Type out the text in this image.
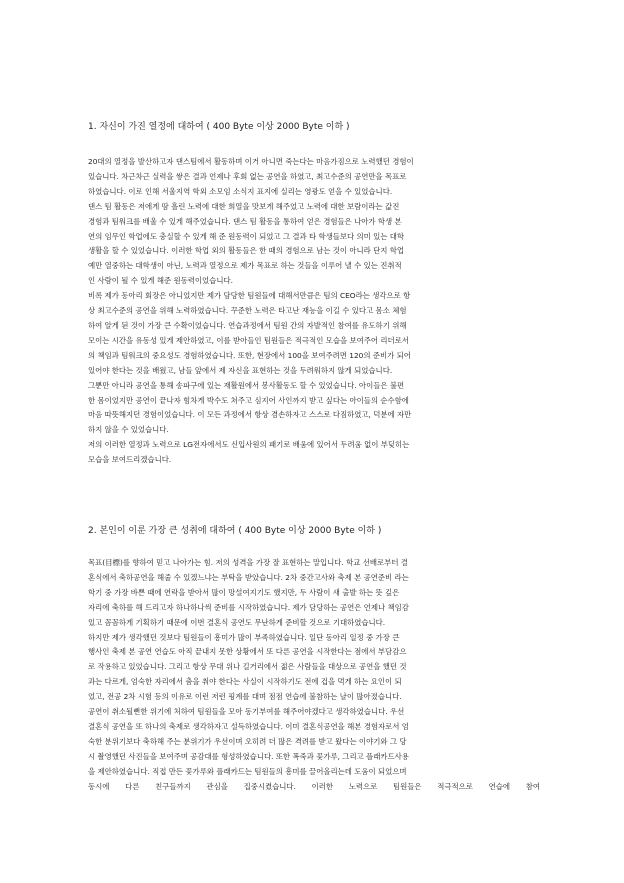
1. 자신이 가진 열정에 대하여 ( 400 Byte 이상 2000 Byte 이하 )
20대의 열정을 발산하고자 댄스팀에서 활동하며 이거 아니면 죽는다는 마음가짐으로 노력했던 경험이
있습니다. 차근차근 실력을 쌓은 결과 언제나 후회 없는 공연을 하였고, 최고수준의 공연만을 목표로
하였습니다. 이로 인해 서울지역 학외 소모임 소식지 표지에 실리는 영광도 얻을 수 있었습니다.
댄스 팀 활동은 저에게 땀 흘린 노력에 대한 희열을 맛보게 해주었고 노력에 대한 보람이라는 값진
경험과 팀워크를 배울 수 있게 해주었습니다. 댄스 팀 활동을 통하여 얻은 경험들은 나아가 학생 본
연의 임무인 학업에도 충실할 수 있게 해 준 원동력이 되었고 그 결과 타 학생들보다 의미 있는 대학
생활을 할 수 있었습니다. 이러한 학업 외의 활동들은 한 때의 경험으로 남는 것이 아니라 단지 학업
예만 열중하는 대학생이 아닌, 노력과 열정으로 제가 목표로 하는 것들을 이루어 낼 수 있는 진취적
인 사람이 될 수 있게 해준 원동력이었습니다.
비록 제가 동아리 회장은 아니었지만 제가 담당한 팀원들에 대해서만큼은 팀의 CEO라는 생각으로 항
상 최고수준의 공연을 위해 노력하였습니다. 꾸준한 노력은 타고난 재능을 이길 수 있다고 몸소 체험
하여 알게 된 것이 가장 큰 수확이었습니다. 연습과정에서 팀원 간의 자발적인 참여를 유도하기 위해
모이는 시간을 유동성 있게 제안하였고, 이를 받아들인 팀원들은 적극적인 모습을 보여주어 리더로서
의 책임과 팀워크의 중요성도 경험하였습니다. 또한, 현장에서 100을 보여주려면 120의 준비가 되어
있어야 한다는 것을 배웠고, 남들 앞에서 제 자신을 표현하는 것을 두려워하지 않게 되었습니다.
그뿐만 아니라 공연을 통해 송파구에 있는 재활원에서 봉사활동도 할 수 있었습니다. 아이들은 불편
한 몸이었지만 공연이 끝나자 힘차게 박수도 쳐주고 심지어 사인까지 받고 싶다는 아이들의 순수함에
마음 따뜻해지던 경험이었습니다. 이 모든 과정에서 항상 겸손하자고 스스로 다짐하였고, 덕분에 자만
하지 않을 수 있었습니다.
저의 이러한 열정과 노력으로 LG전자에서도 신입사원의 패기로 배움에 있어서 두려움 없이 부딪히는
모습을 보여드리겠습니다.
2. 본인이 이룬 가장 큰 성취에 대하여 ( 400 Byte 이상 2000 Byte 이하 )
목표(目標)를 향하여 믿고 나아가는 힘. 저의 성격을 가장 잘 표현하는 말입니다. 학교 선배로부터 결
혼식에서 축하공연을 해줄 수 있겠느냐는 부탁을 받았습니다. 2차 중간고사와 축제 본 공연준비 라는
학기 중 가장 바쁜 때에 연락을 받아서 많이 망설여지기도 했지만, 두 사람이 새 출발 하는 뜻 깊은
자리에 축하를 해 드리고자 하나하나씩 준비를 시작하였습니다. 제가 담당하는 공연은 언제나 책임감
있고 꼼꼼하게 기획하기 때문에 이번 결혼식 공연도 무난하게 준비할 것으로 기대하였습니다.
하지만 제가 생각했던 것보다 팀원들이 흥미가 많이 부족하였습니다. 일단 동아리 일정 중 가장 큰
행사인 축제 본 공연 연습도 아직 끝내지 못한 상황에서 또 다른 공연을 시작한다는 점에서 부담감으
로 작용하고 있었습니다. 그리고 항상 무대 위나 길거리에서 젊은 사람들을 대상으로 공연을 했던 것
과는 다르게, 엄숙한 자리에서 춤을 춰야 한다는 사실이 시작하기도 전에 겁을 먹게 하는 요인이 되
었고, 전공 2차 시험 등의 이유로 이런 저런 핑계를 대며 점점 연습에 불참하는 날이 많아졌습니다.
공연이 취소될뻔한 위기에 처하여 팀원들을 모아 동기부여를 해주어야겠다고 생각하였습니다. 우선
결혼식 공연을 또 하나의 축제로 생각하자고 설득하였습니다. 이미 결혼식공연을 해본 경험자로서 엄
숙한 분위기보다 축하해 주는 분위기가 우선이며 오히려 더 많은 격려를 받고 왔다는 이야기와 그 당
시 촬영했던 사진들을 보여주며 공감대를 형성하였습니다. 또한 폭죽과 꽃가루, 그리고 플래카드사용
을 제안하였습니다. 직접 만든 꽃가루와 플래카드는 팀원들의 흥미를 끌어올리는데 도움이 되었으며
동시에 다른 친구들까지 관심을 집중시켰습니다. 이러한 노력으로 팀원들은 적극적으로 연습에 참여
